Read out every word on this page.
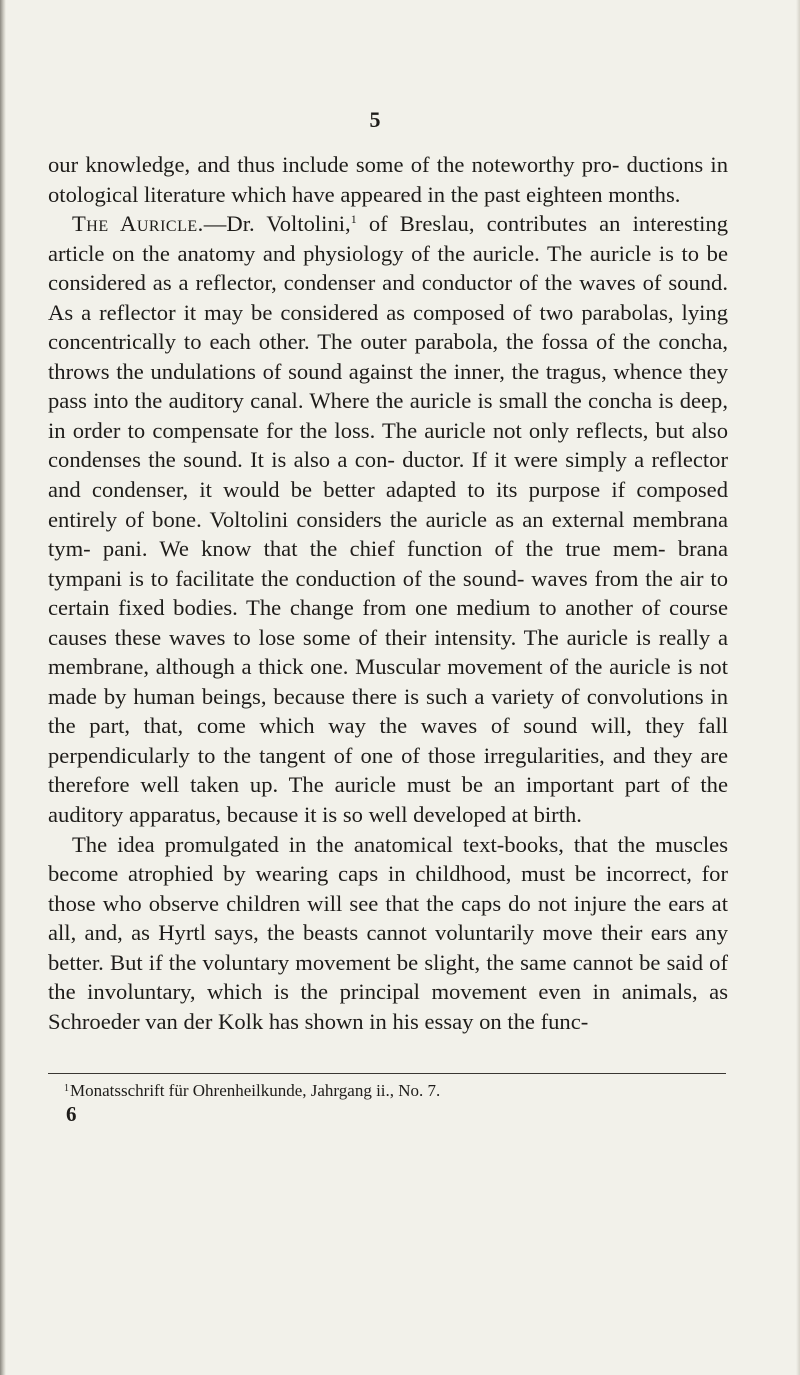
5

our knowledge, and thus include some of the noteworthy pro- ductions in otological literature which have appeared in the past eighteen months.

The Auricle.—Dr. Voltolini,$^1$ of Breslau, contributes an interesting article on the anatomy and physiology of the auricle. The auricle is to be considered as a reflector, condenser and conductor of the waves of sound. As a reflector it may be considered as composed of two parabolas, lying concentrically to each other. The outer parabola, the fossa of the concha, throws the undulations of sound against the inner, the tragus, whence they pass into the auditory canal. Where the auricle is small the concha is deep, in order to compensate for the loss. The auricle not only reflects, but also condenses the sound. It is also a con- ductor. If it were simply a reflector and condenser, it would be better adapted to its purpose if composed entirely of bone. Voltolini considers the auricle as an external membrana tym- pani. We know that the chief function of the true mem- brana tympani is to facilitate the conduction of the sound- waves from the air to certain fixed bodies. The change from one medium to another of course causes these waves to lose some of their intensity. The auricle is really a membrane, although a thick one. Muscular movement of the auricle is not made by human beings, because there is such a variety of convolutions in the part, that, come which way the waves of sound will, they fall perpendicularly to the tangent of one of those irregularities, and they are therefore well taken up. The auricle must be an important part of the auditory apparatus, because it is so well developed at birth.

The idea promulgated in the anatomical text-books, that the muscles become atrophied by wearing caps in childhood, must be incorrect, for those who observe children will see that the caps do not injure the ears at all, and, as Hyrtl says, the beasts cannot voluntarily move their ears any better. But if the voluntary movement be slight, the same cannot be said of the involuntary, which is the principal movement even in animals, as Schroeder van der Kolk has shown in his essay on the func-

$^1$Monatsschrift für Ohrenheilkunde, Jahrgang ii., No. 7.
6
